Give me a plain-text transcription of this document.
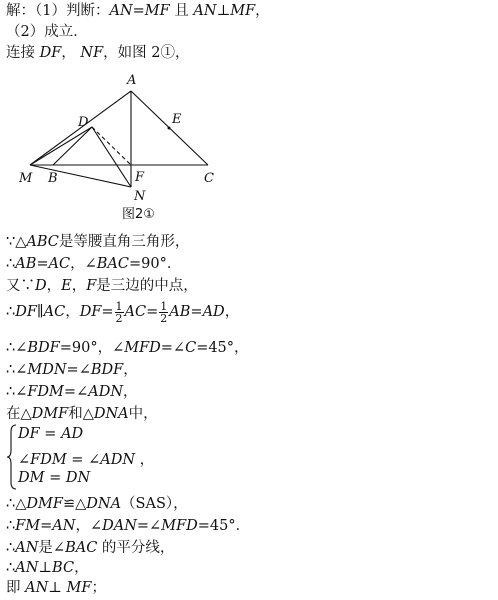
解：（1）判断：AN=MF 且 AN⊥MF，
（2）成立．
连接 DF， NF，如图 2①，
A
D	E
M B	F	C
N
图2①
∵△ABC是等腰直角三角形，
∴AB=AC，∠BAC=90°．
又∵D，E，F是三边的中点，
∴DF∥AC，$DF= \frac{1}{2} AC= \frac{1}{2} AB=AD$，
∴∠BDF=90°，∠MFD=∠C=45°，
∴∠MDN=∠BDF，
∴∠FDM=∠ADN，
在△DMF和△DNA中，
DF = AD
∠FDM = ∠ADN ，
DM = DN
∴△DMF≌△DNA（SAS），
∴FM=AN，∠DAN=∠MFD=45°．
∴AN是∠BAC 的平分线，
∴AN⊥BC，
即 AN⊥ MF；
